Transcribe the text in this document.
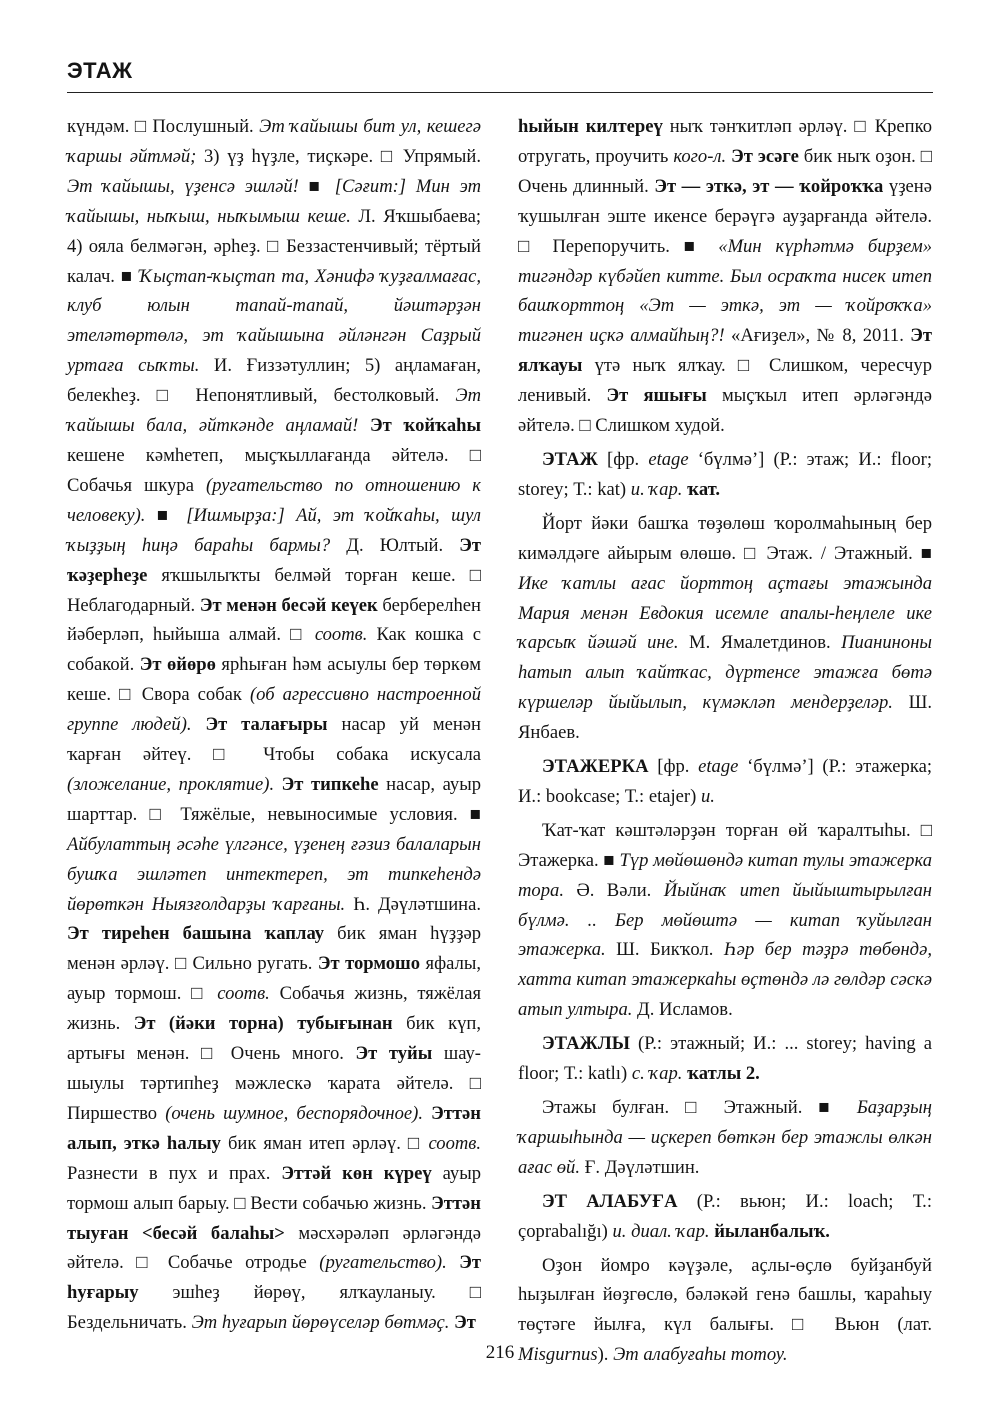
ЭТАЖ

күндәм. □ Послушный. Эт ҡайышы бит ул, кешегә ҡаршы әйтмәй; 3) үҙ һүҙле, тиҫкәре. □ Упрямый. Эт ҡайышы, үҙенсә эшләй! ■ [Сәғит:] Мин эт ҡайышы, ныҡыш, ныҡымыш кеше. Л. Яҡшыбаева; 4) ояла белмәгән, әрһеҙ. □ Беззастенчивый; тёртый калач. ■ Ҡыҫтап-ҡыҫтап та, Хәнифә ҡуҙғалмағас, клуб юлын тапай-тапай, йәштәрҙән этеләтөртөлә, эт ҡайышына әйләнгән Саҙрый уртаға сыҡты. И. Ғиззәтуллин; 5) аңламаған, белекһеҙ. □ Непонятливый, бестолковый. Эт ҡайышы бала, әйткәнде аңламай! Эт ҡойҡаһы кешене кәмһетеп, мыҫҡыллағанда әйтелә. □ Собачья шкура (ругательство по отношению к человеку). ■ [Ишмырҙа:] Ай, эт ҡойҡаһы, шул ҡыҙҙың һиңә бараһы бармы? Д. Юлтый. Эт ҡәҙерһеҙе яҡшылыҡты белмәй торған кеше. □ Неблагодарный. Эт менән бесәй кеүек берберелһен йәберләп, һыйыша алмай. □ соотв. Как кошка с собакой. Эт өйөрө ярһыған һәм асыулы бер төркөм кеше. □ Свора собак (об агрессивно настроенной группе людей). Эт талағыры насар уй менән ҡарған әйтеү. □ Чтобы собака искусала (зложелание, проклятие). Эт типкеһе насар, ауыр шарттар. □ Тяжёлые, невыносимые условия. ■ Айбулаттың әсәһе үлгәнсе, үҙенең ғәзиз балаларын бушҡа эшләтеп интектереп, эт типкеһендә йөрөткән Ныязғолдарҙы ҡарғаны. Һ. Дәүләтшина. Эт тиреһен башына ҡаплау бик яман һүҙҙәр менән әрләү. □ Сильно ругать. Эт тормошо яфалы, ауыр тормош. □ соотв. Собачья жизнь, тяжёлая жизнь. Эт (йәки торна) тубығынан бик күп, артығы менән. □ Очень много. Эт туйы шау-шыулы тәртипһеҙ мәжлескә ҡарата әйтелә. □ Пиршество (очень шумное, беспорядочное). Эттән алып, эткә һалыу бик яман итеп әрләү. □ соотв. Разнести в пух и прах. Эттәй көн күреү ауыр тормош алып барыу. □ Вести собачью жизнь. Эттән тыуған <бесәй балаһы> мәсхәрәләп әрләгәндә әйтелә. □ Собачье отродье (ругательство). Эт һуғарыу эшһеҙ йөрөү, ялҡауланыу. □ Бездельничать. Эт һуғарып йөрөүселәр бөтмәҫ. Эт

һыйын килтереү ныҡ тәнҡитләп әрләү. □ Крепко отругать, проучить кого-л. Эт эсәге бик ныҡ оҙон. □ Очень длинный. Эт — эткә, эт — ҡойроҡҡа үҙенә ҡушылған эште икенсе берәүгә ауҙарғанда әйтелә. □ Перепоручить. ■ «Мин күрһәтмә бирҙем» тигәндәр күбәйеп китте. Был осраҡта нисек итеп башҡорттоң «Эт — эткә, эт — ҡойроҡҡа» тигәнен иҫкә алмайһың?! «Ағиҙел», № 8, 2011. Эт ялҡауы үтә ныҡ ялҡау. □ Слишком, чересчур ленивый. Эт яшығы мыҫҡыл итеп әрләгәндә әйтелә. □ Слишком худой.

ЭТАЖ [фр. etage ‘бүлмә’] (Р.: этаж; И.: floor; storey; Т.: kat) и. ҡар. ҡат.

Йорт йәки башҡа төҙөлөш ҡоролмаһының бер кимәлдәге айырым өлөшө. □ Этаж. / Этажный. ■ Ике ҡатлы ағас йорттоң аҫтағы этажында Мария менән Евдокия исемле апалы-һеңлеле ике ҡарсыҡ йәшәй ине. М. Ямалетдинов. Пианиноны һатып алып ҡайтҡас, дүртенсе этажға бөтә күршеләр йыйылып, күмәкләп мендерҙеләр. Ш. Янбаев.

ЭТАЖЕРКА [фр. etage ‘бүлмә’] (Р.: этажерка; И.: bookcase; Т.: etajer) и.

Ҡат-ҡат кәштәләрҙән торған өй ҡаралтыһы. □ Этажерка. ■ Түр мөйөшөндә китап тулы этажерка тора. Ә. Вәли. Йыйнаҡ итеп йыйыштырылған бүлмә. .. Бер мөйөштә — китап ҡуйылған этажерка. Ш. Бикҡол. Һәр бер тәҙрә төбөндә, хатта китап этажеркаһы өҫтөндә лә гөлдәр сәскә атып ултыра. Д. Исламов.

ЭТАЖЛЫ (Р.: этажный; И.: ... storey; having a floor; Т.: katlı) с. ҡар. ҡатлы 2.

Этажы булған. □ Этажный. ■ Баҙарҙың ҡаршыһында — иҫкереп бөткән бер этажлы өлкән ағас өй. Ғ. Дәүләтшин.

ЭТ АЛАБУҒА (Р.: вьюн; И.: loach; Т.: çoprabalığı) и. диал. ҡар. йыланбалыҡ.

Оҙон йомро кәүҙәле, аҫлы-өҫлө буйҙанбуй һыҙылған йөҙгөслө, бәләкәй генә башлы, ҡараһыу төҫтәге йылға, күл балығы. □ Вьюн (лат. Misgurnus). Эт алабуғаһы тотоу.

216
